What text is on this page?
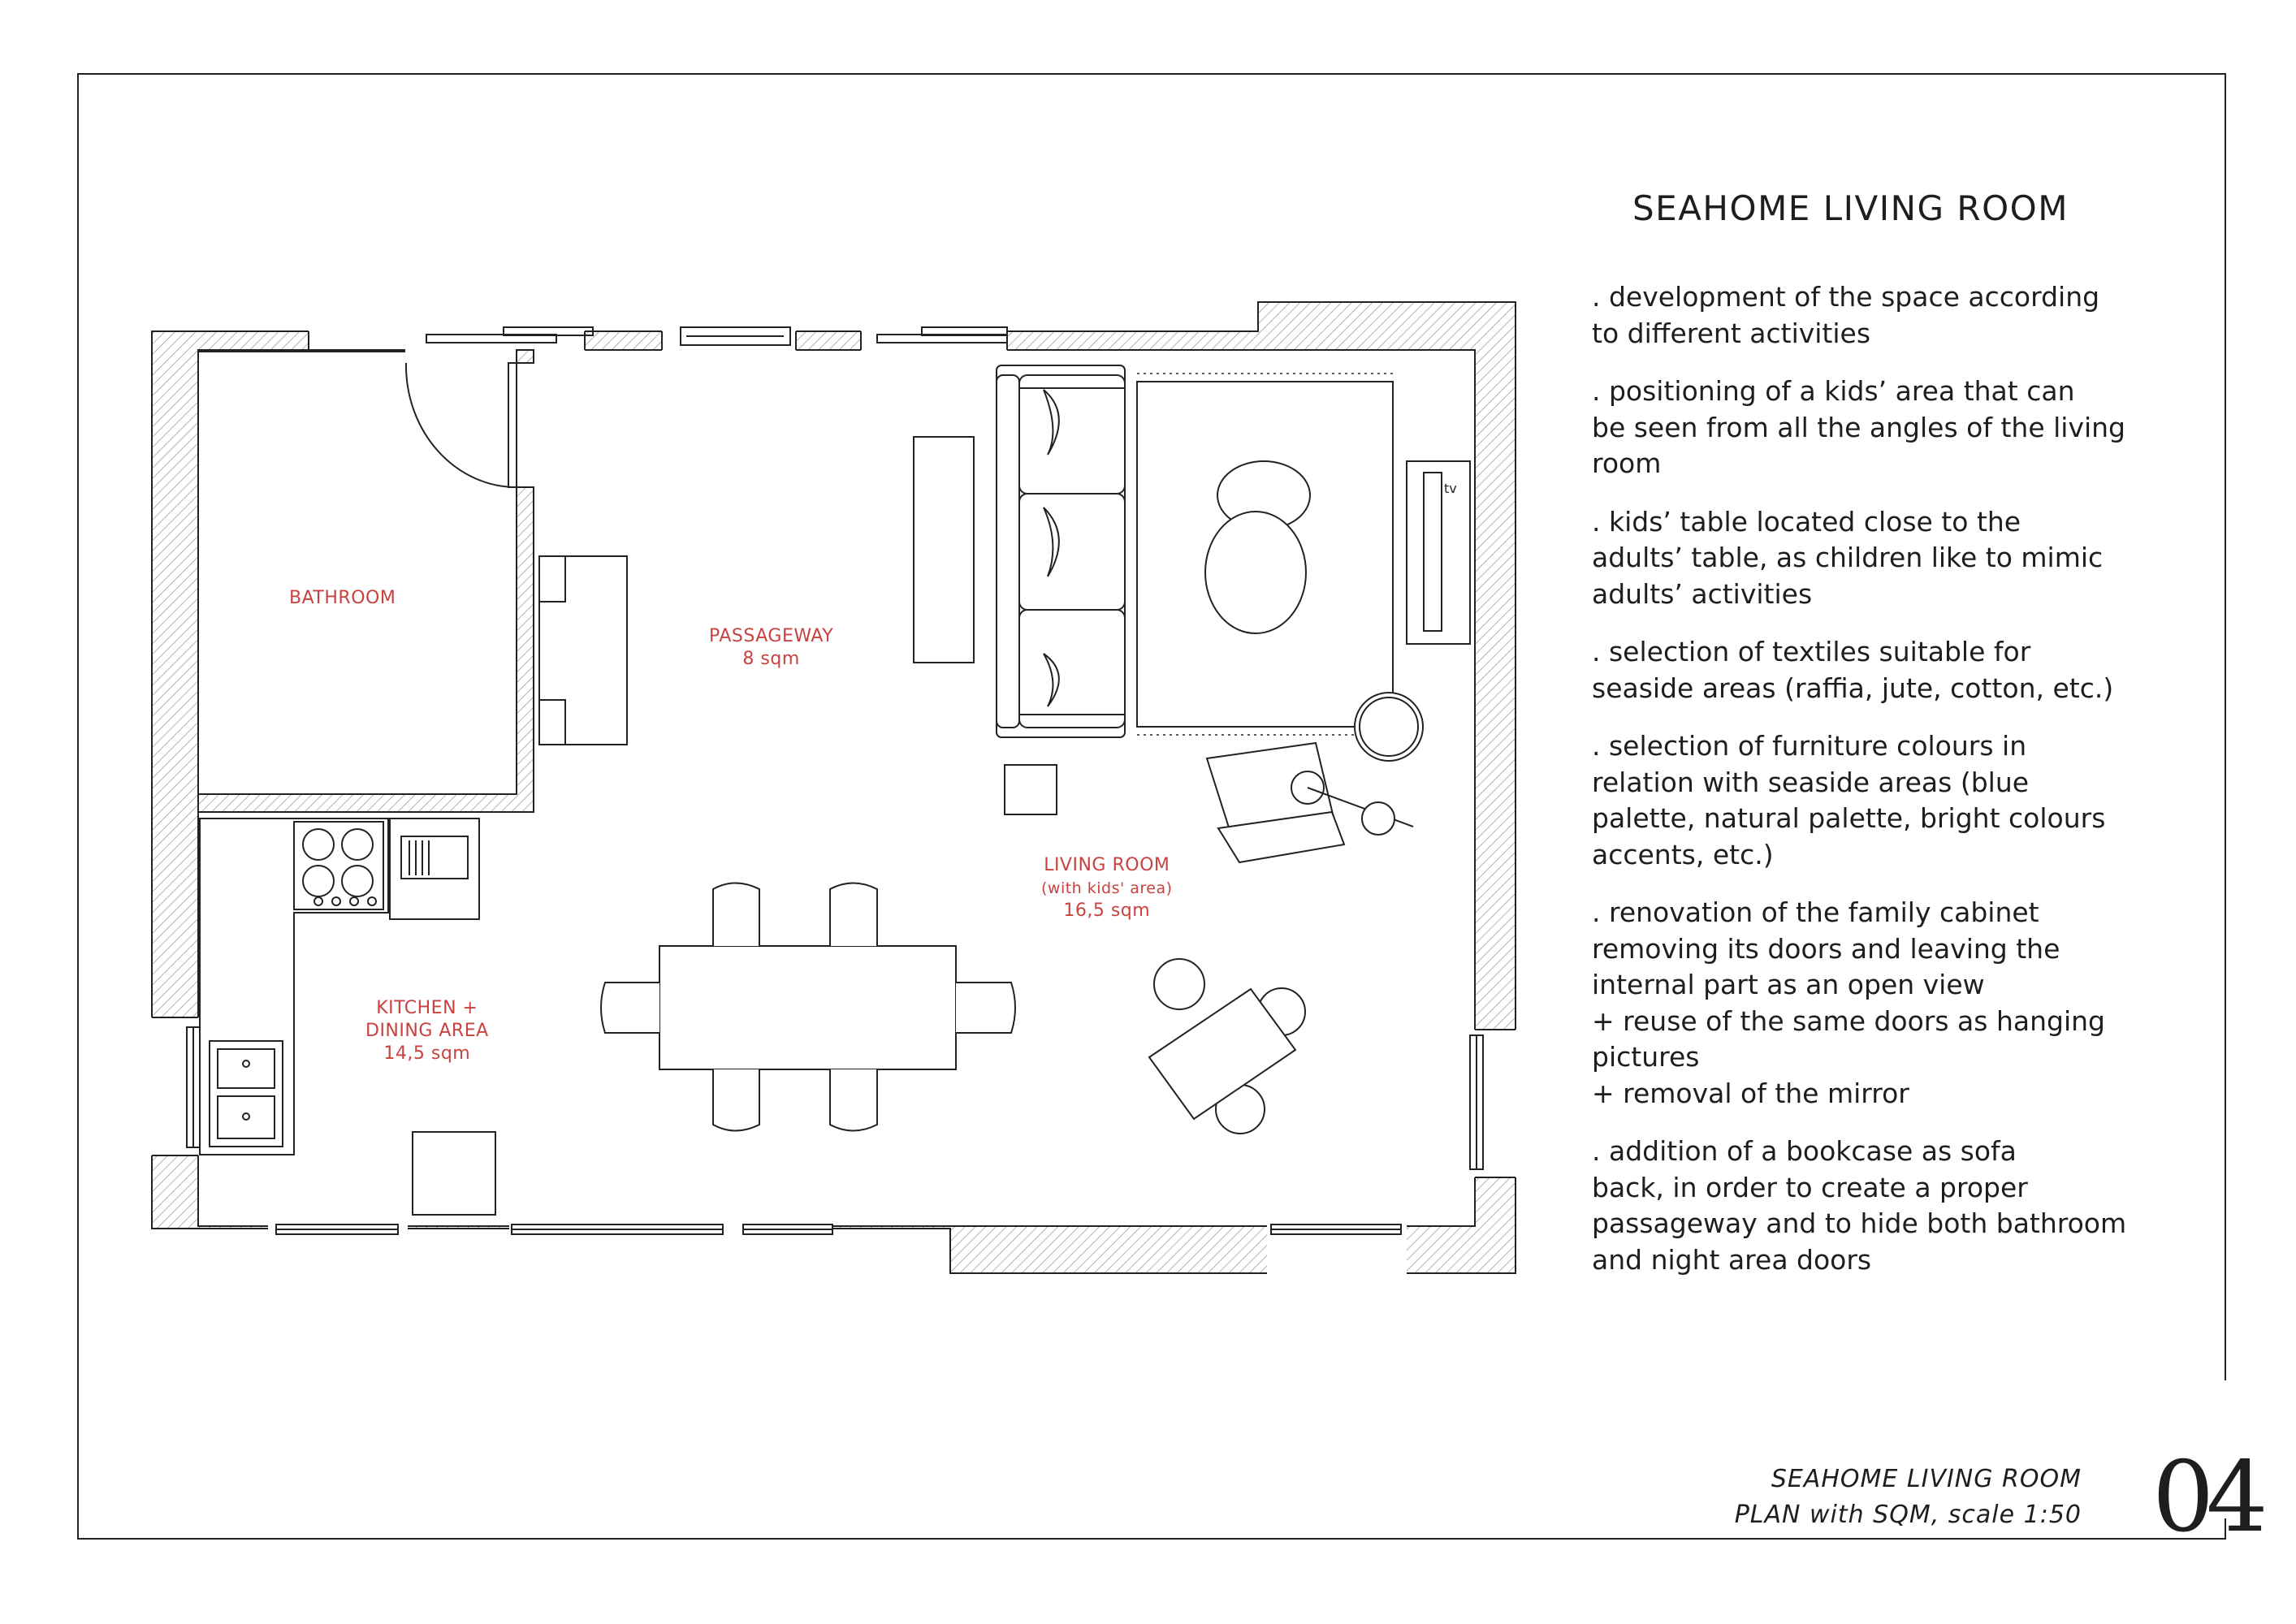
tv
BATHROOM
PASSAGEWAY
8 sqm
LIVING ROOM
(with kids' area)
16,5 sqm
KITCHEN +
DINING AREA
14,5 sqm
SEAHOME LIVING ROOM
. development of the space according
to different activities
. positioning of a kids’ area that can
be seen from all the angles of the living
room
. kids’ table located close to the
adults’ table, as children like to mimic
adults’ activities
. selection of textiles suitable for
seaside areas (raffia, jute, cotton, etc.)
. selection of furniture colours in
relation with seaside areas (blue
palette, natural palette, bright colours
accents, etc.)
. renovation of the family cabinet
removing its doors and leaving the
internal part as an open view
+ reuse of the same doors as hanging
pictures
+ removal of the mirror
. addition of a bookcase as sofa
back, in order to create a proper
passageway and to hide both bathroom
and night area doors
SEAHOME LIVING ROOM
PLAN with SQM, scale 1:50 04
